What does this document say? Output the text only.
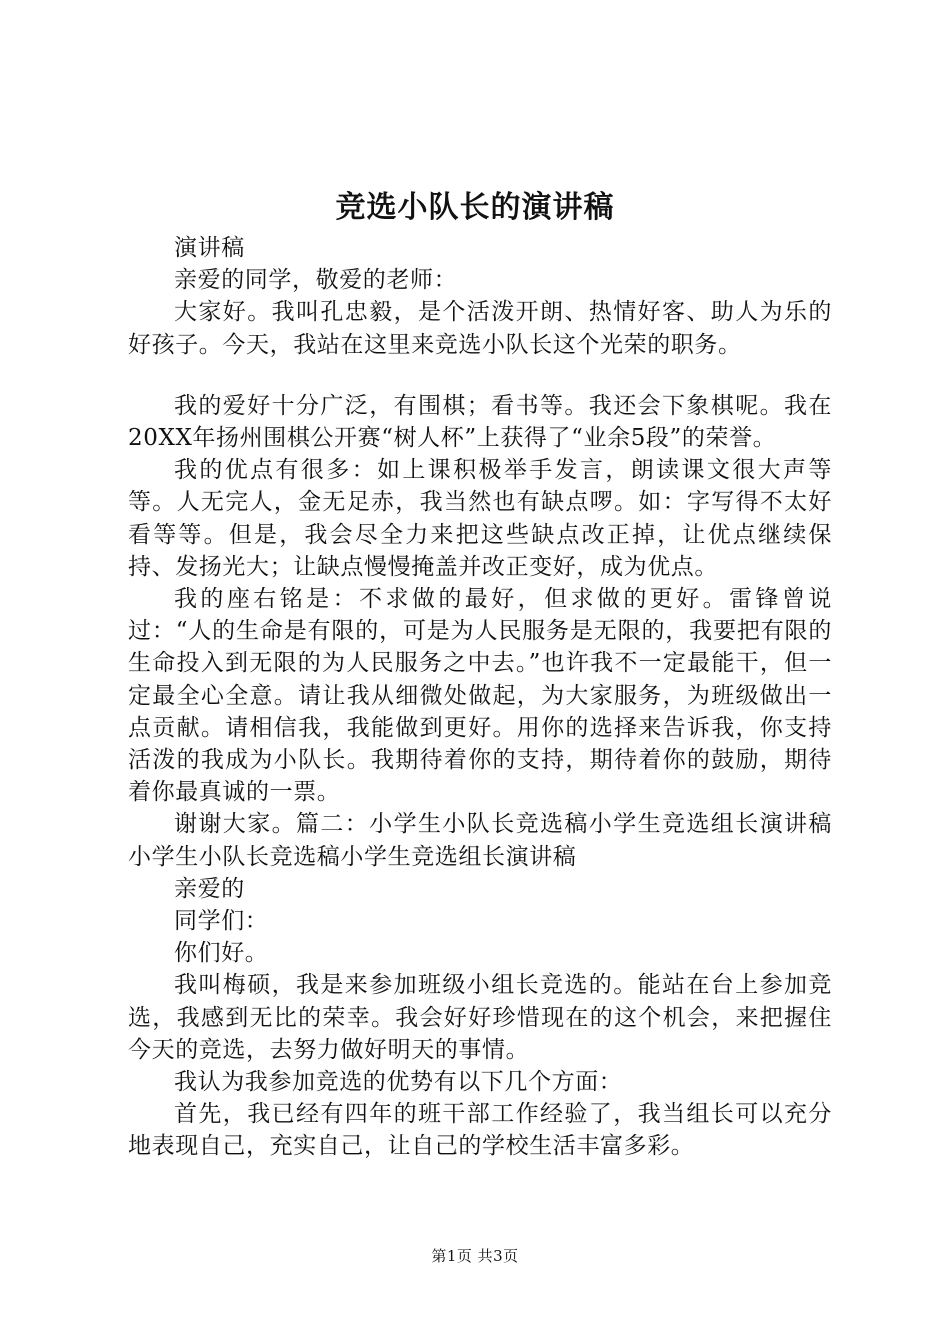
竞选小队长的演讲稿

演讲稿

亲爱的同学，敬爱的老师：

大家好。我叫孔忠毅，是个活泼开朗、热情好客、助人为乐的好孩子。今天，我站在这里来竞选小队长这个光荣的职务。

我的爱好十分广泛，有围棋；看书等。我还会下象棋呢。我在20XX年扬州围棋公开赛“树人杯”上获得了“业余5段”的荣誉。

我的优点有很多：如上课积极举手发言，朗读课文很大声等等。人无完人，金无足赤，我当然也有缺点啰。如：字写得不太好看等等。但是，我会尽全力来把这些缺点改正掉，让优点继续保持、发扬光大；让缺点慢慢掩盖并改正变好，成为优点。

我的座右铭是：不求做的最好，但求做的更好。雷锋曾说过：“人的生命是有限的，可是为人民服务是无限的，我要把有限的生命投入到无限的为人民服务之中去。”也许我不一定最能干，但一定最全心全意。请让我从细微处做起，为大家服务，为班级做出一点贡献。请相信我，我能做到更好。用你的选择来告诉我，你支持活泼的我成为小队长。我期待着你的支持，期待着你的鼓励，期待着你最真诚的一票。

谢谢大家。篇二：小学生小队长竞选稿小学生竞选组长演讲稿小学生小队长竞选稿小学生竞选组长演讲稿

亲爱的

同学们：

你们好。

我叫梅硕，我是来参加班级小组长竞选的。能站在台上参加竞选，我感到无比的荣幸。我会好好珍惜现在的这个机会，来把握住今天的竞选，去努力做好明天的事情。

我认为我参加竞选的优势有以下几个方面：

首先，我已经有四年的班干部工作经验了，我当组长可以充分地表现自己，充实自己，让自己的学校生活丰富多彩。

第1页 共3页
